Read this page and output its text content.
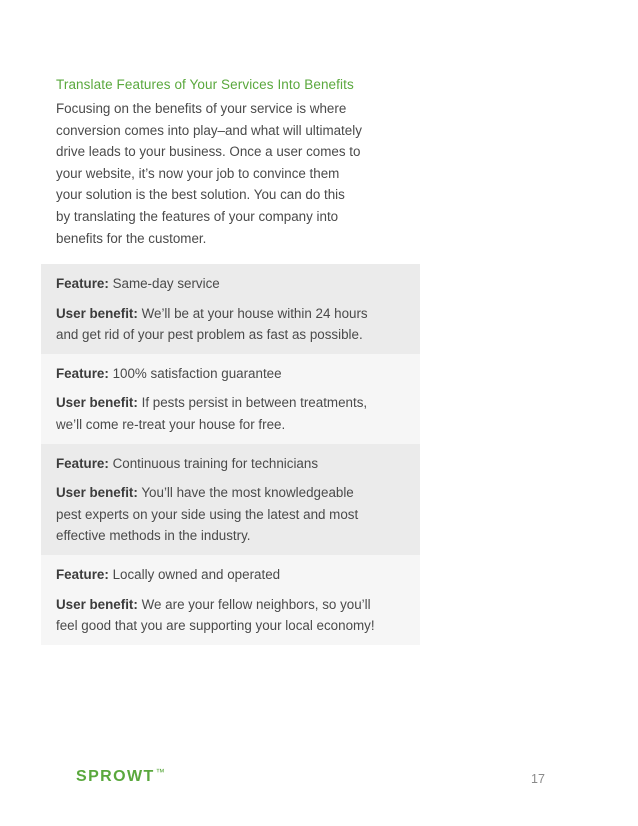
Translate Features of Your Services Into Benefits
Focusing on the benefits of your service is where
conversion comes into play–and what will ultimately
drive leads to your business. Once a user comes to
your website, it’s now your job to convince them
your solution is the best solution. You can do this
by translating the features of your company into
benefits for the customer.
Feature: Same-day service
User benefit: We’ll be at your house within 24 hours
and get rid of your pest problem as fast as possible.
Feature: 100% satisfaction guarantee
User benefit: If pests persist in between treatments,
we’ll come re-treat your house for free.
Feature: Continuous training for technicians
User benefit: You’ll have the most knowledgeable
pest experts on your side using the latest and most
effective methods in the industry.
Feature: Locally owned and operated
User benefit: We are your fellow neighbors, so you’ll
feel good that you are supporting your local economy!
SPROWT™	17
